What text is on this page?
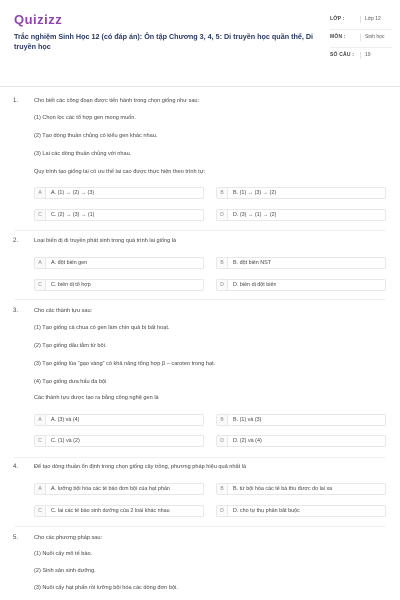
Quizizz
Trắc nghiệm Sinh Học 12 (có đáp án): Ôn tập Chương 3, 4, 5: Di truyền học quần thể, Di truyền học
LỚP :	Lớp 12
MÔN :	Sinh học
SỐ CÂU :	19
1.	Cho biết các công đoạn được tiến hành trong chọn giống như sau:
(1) Chọn lọc các tổ hợp gen mong muốn.
(2) Tạo dòng thuần chủng có kiểu gen khác nhau.
(3) Lai các dòng thuần chủng với nhau.
Quy trình tạo giống lai có ưu thế lai cao được thực hiện theo trình tự:
A	A. (1) → (2) → (3)	B	B. (1) → (3) → (2)
C	C. (2) → (3) → (1)	D	D. (3) → (1) → (2)
2.	Loại biến dị di truyền phát sinh trong quá trình lai giống là
A	A. đột biến gen	B	B. đột biến NST
C	C. biến dị tổ hợp	D	D. biến dị đột biến
3.	Cho các thành tựu sau:
(1) Tạo giống cà chua có gen làm chín quả bị bất hoạt.
(2) Tạo giống dâu tằm tứ bội.
(3) Tạo giống lúa “gạo vàng” có khả năng tổng hợp β – caroten trong hạt.
(4) Tạo giống dưa hấu đa bội
Các thành tựu được tạo ra bằng công nghệ gen là
A	A. (3) và (4)	B	B. (1) và (3)
C	C. (1) và (2)	D	D. (2) và (4)
4.	Để tạo dòng thuần ổn định trong chọn giống cây trồng, phương pháp hiệu quả nhất là
A	A. lưỡng bội hóa các tế bào đơn bội của hạt phấn	B	B. tứ bội hóa các tế bà thu được do lai xa
C	C. lai các tế bào sinh dưỡng của 2 loài khác nhau	D	D. cho tự thụ phấn bắt buộc
5.	Cho các phương pháp sau:
(1) Nuôi cấy mô tế bào.
(2) Sinh sản sinh dưỡng.
(3) Nuôi cấy hạt phấn rồi lưỡng bội hóa các dòng đơn bội.
